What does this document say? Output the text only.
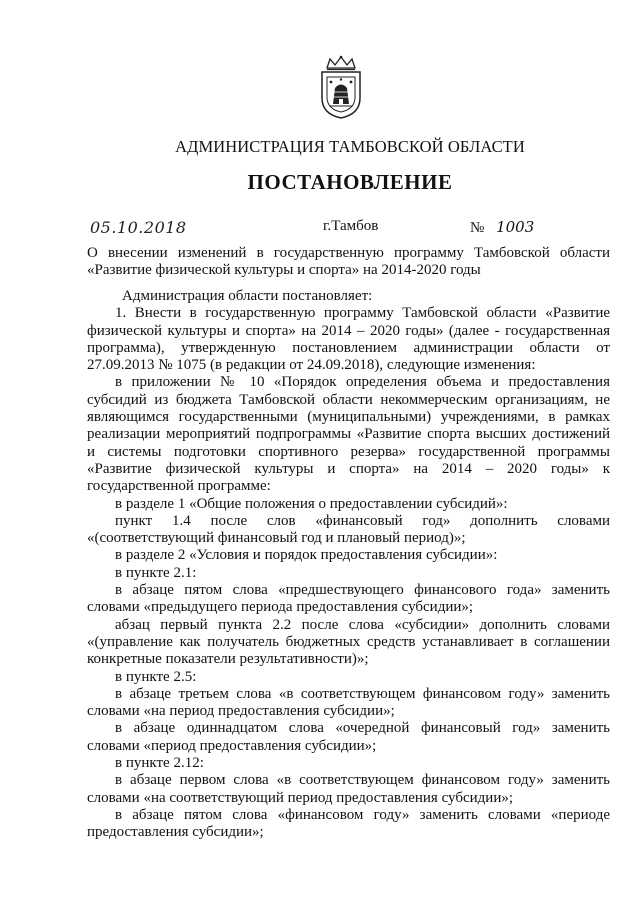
АДМИНИСТРАЦИЯ ТАМБОВСКОЙ ОБЛАСТИ
ПОСТАНОВЛЕНИЕ
05.10.2018	г.Тамбов	№ 1003
О внесении изменений в государственную программу Тамбовской области «Развитие физической культуры и спорта» на 2014-2020 годы

Администрация области постановляет:

1. Внести в государственную программу Тамбовской области «Развитие физической культуры и спорта» на 2014 – 2020 годы» (далее - государственная программа), утвержденную постановлением администрации области от 27.09.2013 № 1075 (в редакции от 24.09.2018), следующие изменения:

в приложении № 10 «Порядок определения объема и предоставления субсидий из бюджета Тамбовской области некоммерческим организациям, не являющимся государственными (муниципальными) учреждениями, в рамках реализации мероприятий подпрограммы «Развитие спорта высших достижений и системы подготовки спортивного резерва» государственной программы «Развитие физической культуры и спорта» на 2014 – 2020 годы» к государственной программе:

в разделе 1 «Общие положения о предоставлении субсидий»:

пункт 1.4 после слов «финансовый год» дополнить словами «(соответствующий финансовый год и плановый период)»;

в разделе 2 «Условия и порядок предоставления субсидии»:

в пункте 2.1:

в абзаце пятом слова «предшествующего финансового года» заменить словами «предыдущего периода предоставления субсидии»;

абзац первый пункта 2.2 после слова «субсидии» дополнить словами «(управление как получатель бюджетных средств устанавливает в соглашении конкретные показатели результативности)»;

в пункте 2.5:

в абзаце третьем слова «в соответствующем финансовом году» заменить словами «на период предоставления субсидии»;

в абзаце одиннадцатом слова «очередной финансовый год» заменить словами «период предоставления субсидии»;

в пункте 2.12:

в абзаце первом слова «в соответствующем финансовом году» заменить словами «на соответствующий период предоставления субсидии»;

в абзаце пятом слова «финансовом году» заменить словами «периоде предоставления субсидии»;
